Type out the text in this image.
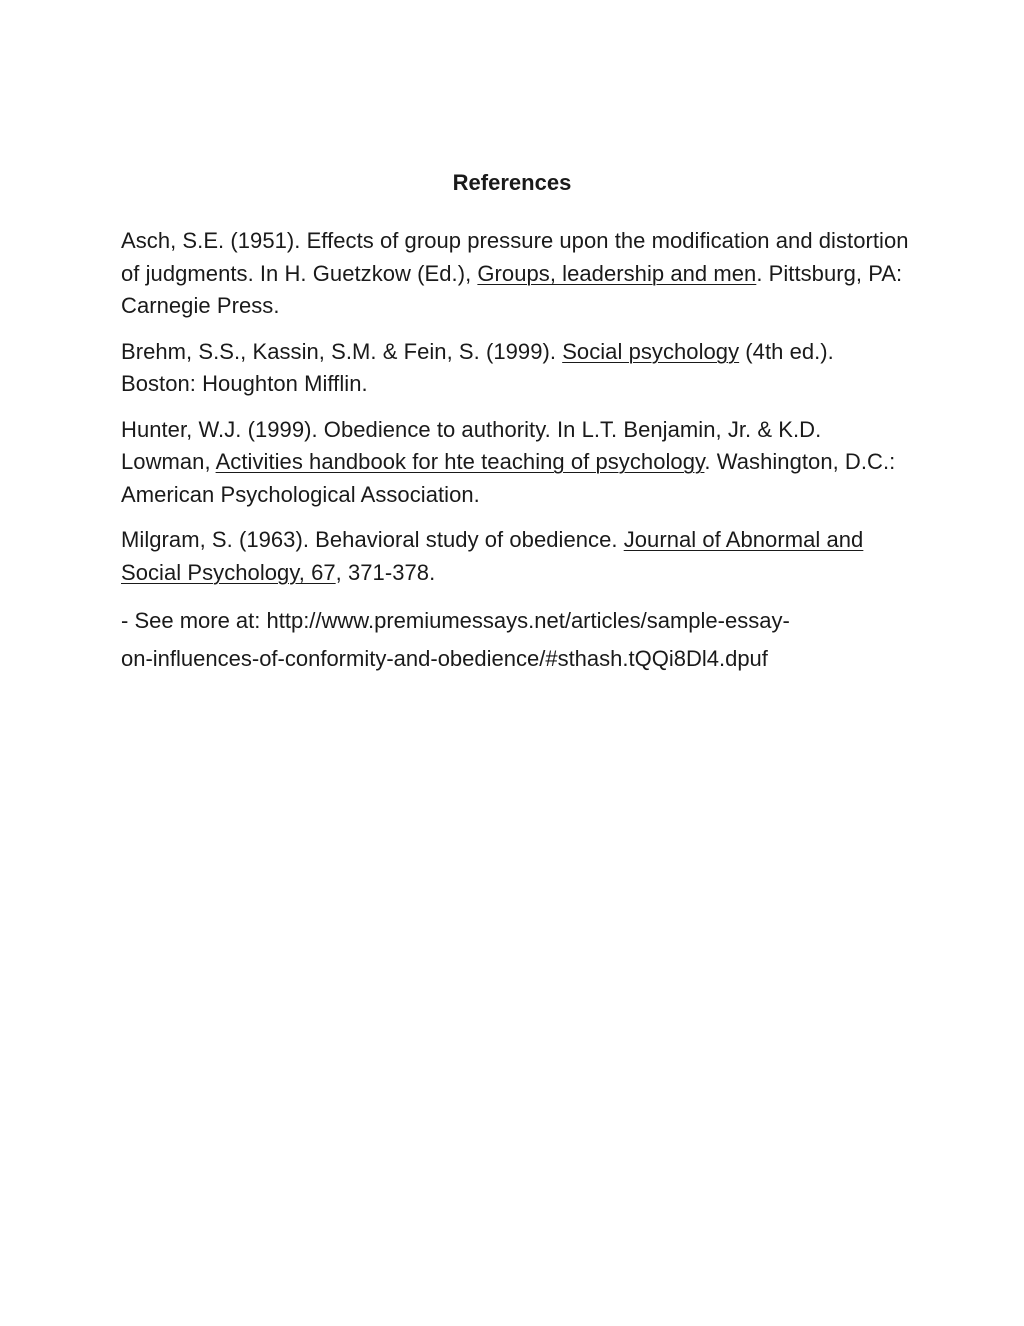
References

Asch, S.E. (1951). Effects of group pressure upon the modification and distortion of judgments. In H. Guetzkow (Ed.), Groups, leadership and men. Pittsburg, PA: Carnegie Press.

Brehm, S.S., Kassin, S.M. & Fein, S. (1999). Social psychology (4th ed.). Boston: Houghton Mifflin.

Hunter, W.J. (1999). Obedience to authority. In L.T. Benjamin, Jr. & K.D. Lowman, Activities handbook for hte teaching of psychology. Washington, D.C.: American Psychological Association.

Milgram, S. (1963). Behavioral study of obedience. Journal of Abnormal and Social Psychology, 67, 371-378.

- See more at: http://www.premiumessays.net/articles/sample-essay-
on-influences-of-conformity-and-obedience/#sthash.tQQi8Dl4.dpuf
